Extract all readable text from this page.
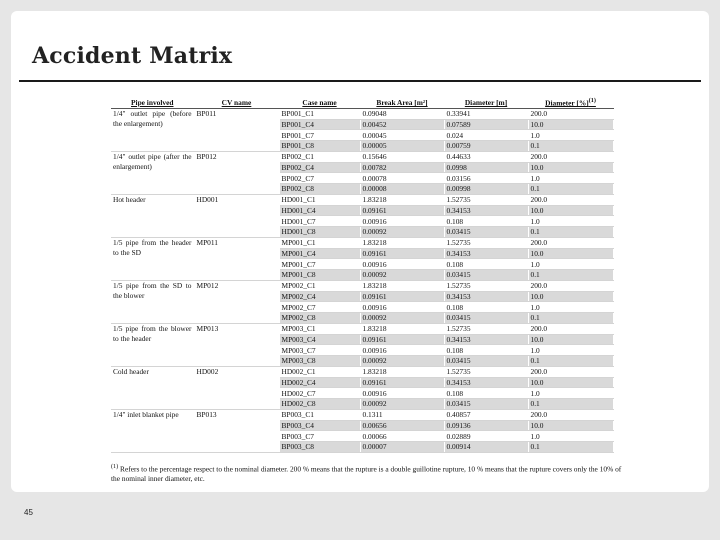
Accident Matrix
Pipe involved	CV name	Case name	Break Area [m²]	Diameter [m]	Diameter [%]$^{(1)}$
1/4" outlet pipe (before the enlargement)	BP011	BP001_C1	0.09048	0.33941	200.0
		BP001_C4	0.00452	0.07589	10.0
		BP001_C7	0.00045	0.024	1.0
		BP001_C8	0.00005	0.00759	0.1
1/4" outlet pipe (after the enlargement)	BP012	BP002_C1	0.15646	0.44633	200.0
		BP002_C4	0.00782	0.0998	10.0
		BP002_C7	0.00078	0.03156	1.0
		BP002_C8	0.00008	0.00998	0.1
Hot header	HD001	HD001_C1	1.83218	1.52735	200.0
		HD001_C4	0.09161	0.34153	10.0
		HD001_C7	0.00916	0.108	1.0
		HD001_C8	0.00092	0.03415	0.1
1/5 pipe from the header to the SD	MP011	MP001_C1	1.83218	1.52735	200.0
		MP001_C4	0.09161	0.34153	10.0
		MP001_C7	0.00916	0.108	1.0
		MP001_C8	0.00092	0.03415	0.1
1/5 pipe from the SD to the blower	MP012	MP002_C1	1.83218	1.52735	200.0
		MP002_C4	0.09161	0.34153	10.0
		MP002_C7	0.00916	0.108	1.0
		MP002_C8	0.00092	0.03415	0.1
1/5 pipe from the blower to the header	MP013	MP003_C1	1.83218	1.52735	200.0
		MP003_C4	0.09161	0.34153	10.0
		MP003_C7	0.00916	0.108	1.0
		MP003_C8	0.00092	0.03415	0.1
Cold header	HD002	HD002_C1	1.83218	1.52735	200.0
		HD002_C4	0.09161	0.34153	10.0
		HD002_C7	0.00916	0.108	1.0
		HD002_C8	0.00092	0.03415	0.1
1/4" inlet blanket pipe	BP013	BP003_C1	0.1311	0.40857	200.0
		BP003_C4	0.00656	0.09136	10.0
		BP003_C7	0.00066	0.02889	1.0
		BP003_C8	0.00007	0.00914	0.1
$^{(1)}$ Refers to the percentage respect to the nominal diameter. 200 % means that the rupture is a double guillotine rupture, 10 % means that the rupture covers only the 10% of the nominal inner diameter, etc.
45
